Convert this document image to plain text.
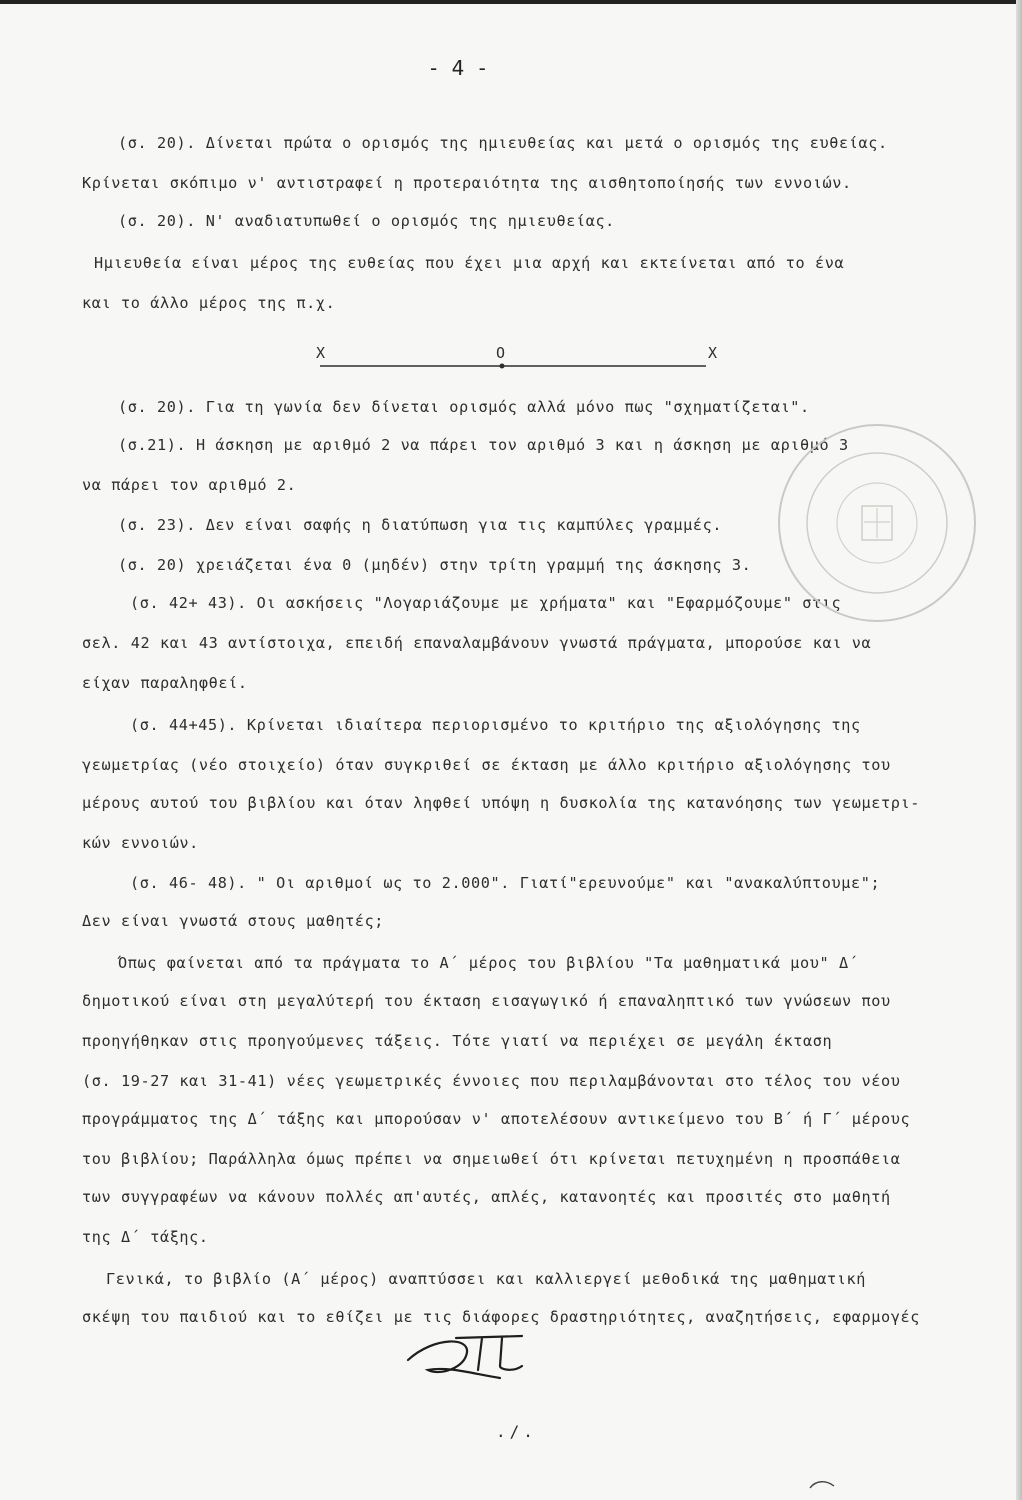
- 4 -
(σ. 20). Δίνεται πρώτα ο ορισμός της ημιευθείας και μετά ο ορισμός της ευθείας.
Κρίνεται σκόπιμο ν' αντιστραφεί η προτεραιότητα της αισθητοποίησής των εννοιών.
(σ. 20). Ν' αναδιατυπωθεί ο ορισμός της ημιευθείας.
Ημιευθεία είναι μέρος της ευθείας που έχει μια αρχή και εκτείνεται από το ένα
και το άλλο μέρος της π.χ.
X	O	X
(σ. 20). Για τη γωνία δεν δίνεται ορισμός αλλά μόνο πως "σχηματίζεται".
(σ.21). Η άσκηση με αριθμό 2 να πάρει τον αριθμό 3 και η άσκηση με αριθμό 3
να πάρει τον αριθμό 2.
(σ. 23). Δεν είναι σαφής η διατύπωση για τις καμπύλες γραμμές.
(σ. 20) χρειάζεται ένα 0 (μηδέν) στην τρίτη γραμμή της άσκησης 3.
(σ. 42+ 43). Οι ασκήσεις "Λογαριάζουμε με χρήματα" και "Εφαρμόζουμε" στις
σελ. 42 και 43 αντίστοιχα, επειδή επαναλαμβάνουν γνωστά πράγματα, μπορούσε και να
είχαν παραληφθεί.
(σ. 44+45). Κρίνεται ιδιαίτερα περιορισμένο το κριτήριο της αξιολόγησης της
γεωμετρίας (νέο στοιχείο) όταν συγκριθεί σε έκταση με άλλο κριτήριο αξιολόγησης του
μέρους αυτού του βιβλίου και όταν ληφθεί υπόψη η δυσκολία της κατανόησης των γεωμετρι-
κών εννοιών.
(σ. 46- 48). " Οι αριθμοί ως το 2.000". Γιατί"ερευνούμε" και "ανακαλύπτουμε";
Δεν είναι γνωστά στους μαθητές;
Όπως φαίνεται από τα πράγματα το Α΄ μέρος του βιβλίου "Τα μαθηματικά μου" Δ΄
δημοτικού είναι στη μεγαλύτερή του έκταση εισαγωγικό ή επαναληπτικό των γνώσεων που
προηγήθηκαν στις προηγούμενες τάξεις. Τότε γιατί να περιέχει σε μεγάλη έκταση
(σ. 19-27 και 31-41) νέες γεωμετρικές έννοιες που περιλαμβάνονται στο τέλος του νέου
προγράμματος της Δ΄ τάξης και μπορούσαν ν' αποτελέσουν αντικείμενο του Β΄ ή Γ΄ μέρους
του βιβλίου; Παράλληλα όμως πρέπει να σημειωθεί ότι κρίνεται πετυχημένη η προσπάθεια
των συγγραφέων να κάνουν πολλές απ'αυτές, απλές, κατανοητές και προσιτές στο μαθητή
της Δ΄ τάξης.
Γενικά, το βιβλίο (Α΄ μέρος) αναπτύσσει και καλλιεργεί μεθοδικά της μαθηματική
σκέψη του παιδιού και το εθίζει με τις διάφορες δραστηριότητες, αναζητήσεις, εφαρμογές
./.
